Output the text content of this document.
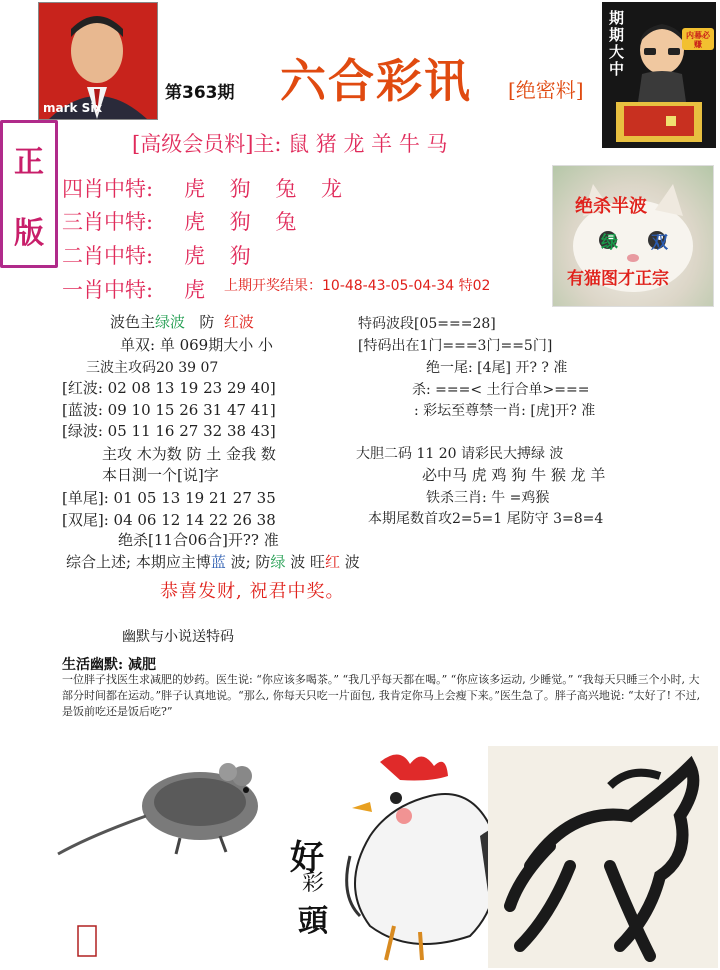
mark Six
第363期 六合彩讯 [绝密料]
期期大中	内幕必赚
正
版
[高级会员料]主: 鼠 猪 龙 羊 牛 马
四肖中特: 虎 狗 兔 龙
三肖中特: 虎 狗 兔
二肖中特: 虎 狗
一肖中特: 虎 上期开奖结果：10-48-43-05-04-34 特02
绝杀半波
绿 双
有猫图才正宗
波色主绿波 防 红波
单双: 单 069期大小 小
三波主攻码20 39 07
[红波: 02 08 13 19 23 29 40]
[蓝波: 09 10 15 26 31 47 41]
[绿波: 05 11 16 27 32 38 43]
主攻 木为数 防 土 金我 数
本日測一个[说]字
[单尾]: 01 05 13 19 21 27 35
[双尾]: 04 06 12 14 22 26 38
绝杀[11合06合]开?? 准
特码波段[05===28]
[特码出在1门===3门==5门]
绝一尾: [4尾] 开? ? 准
杀: ===< 土行合单>===
: 彩坛至尊禁一肖: [虎]开? 准
大胆二码 11 20 请彩民大搏绿 波
必中马 虎 鸡 狗 牛 猴 龙 羊
铁杀三肖: 牛 =鸡猴
本期尾数首攻2=5=1 尾防守 3=8=4
综合上述; 本期应主博蓝 波; 防绿 波 旺红 波
恭喜发财, 祝君中奖。
幽默与小说送特码
生活幽默: 减肥
一位胖子找医生求减肥的妙药。医生说: “你应该多喝茶。” “我几乎每天都在喝。” “你应该多运动, 少睡觉。” “我每天只睡三个小时, 大部分时间都在运动。”胖子认真地说。“那么, 你每天只吃一片面包, 我肯定你马上会瘦下来。”医生急了。胖子高兴地说: “太好了! 不过, 是饭前吃还是饭后吃?”
好
彩
頭
